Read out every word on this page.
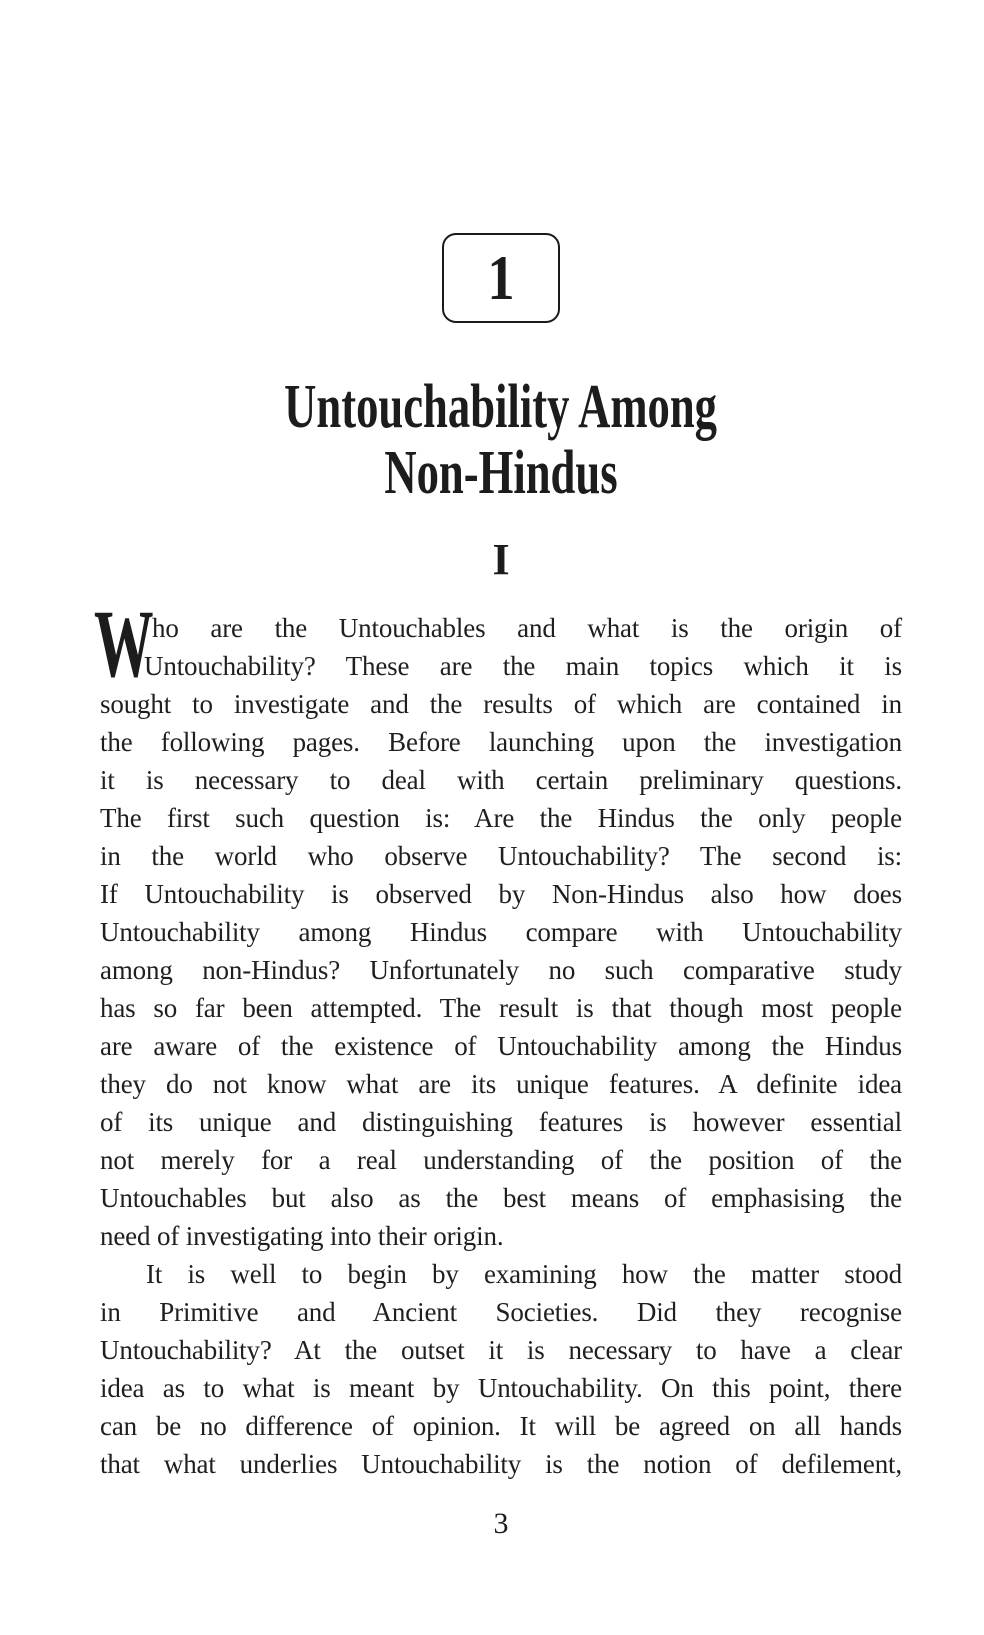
1
Untouchability Among
Non-Hindus
I
W
ho are the Untouchables and what is the origin of
Untouchability? These are the main topics which it is
sought to investigate and the results of which are contained in
the following pages. Before launching upon the investigation
it is necessary to deal with certain preliminary questions.
The first such question is: Are the Hindus the only people
in the world who observe Untouchability? The second is:
If Untouchability is observed by Non-Hindus also how does
Untouchability among Hindus compare with Untouchability
among non-Hindus? Unfortunately no such comparative study
has so far been attempted. The result is that though most people
are aware of the existence of Untouchability among the Hindus
they do not know what are its unique features. A definite idea
of its unique and distinguishing features is however essential
not merely for a real understanding of the position of the
Untouchables but also as the best means of emphasising the
need of investigating into their origin.
It is well to begin by examining how the matter stood
in Primitive and Ancient Societies. Did they recognise
Untouchability? At the outset it is necessary to have a clear
idea as to what is meant by Untouchability. On this point, there
can be no difference of opinion. It will be agreed on all hands
that what underlies Untouchability is the notion of defilement,
3
